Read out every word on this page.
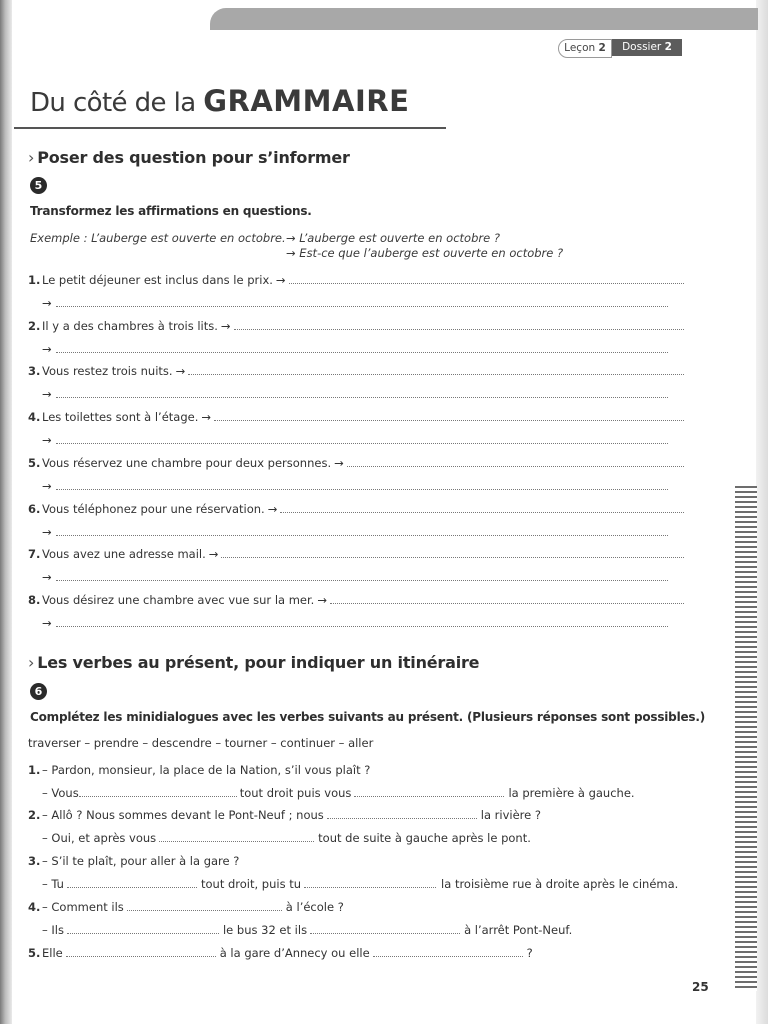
Leçon 2	Dossier 2
Du côté de la GRAMMAIRE
› Poser des question pour s’informer
5
Transformez les affirmations en questions.
Exemple : L’auberge est ouverte en octobre. → L’auberge est ouverte en octobre ?
→ Est-ce que l’auberge est ouverte en octobre ?
1. Le petit déjeuner est inclus dans le prix. →
→
2. Il y a des chambres à trois lits. →
→
3. Vous restez trois nuits. →
→
4. Les toilettes sont à l’étage. →
→
5. Vous réservez une chambre pour deux personnes. →
→
6. Vous téléphonez pour une réservation. →
→
7. Vous avez une adresse mail. →
→
8. Vous désirez une chambre avec vue sur la mer. →
→
› Les verbes au présent, pour indiquer un itinéraire
6
Complétez les minidialogues avec les verbes suivants au présent. (Plusieurs réponses sont possibles.)
traverser – prendre – descendre – tourner – continuer – aller
1. – Pardon, monsieur, la place de la Nation, s’il vous plaît ?
– Vous	tout droit puis vous	la première à gauche.
2. – Allô ? Nous sommes devant le Pont-Neuf ; nous	la rivière ?
– Oui, et après vous	tout de suite à gauche après le pont.
3. – S’il te plaît, pour aller à la gare ?
– Tu	tout droit, puis tu	la troisième rue à droite après le cinéma.
4. – Comment ils	à l’école ?
– Ils	le bus 32 et ils	à l’arrêt Pont-Neuf.
5. Elle	à la gare d’Annecy ou elle	?
25
